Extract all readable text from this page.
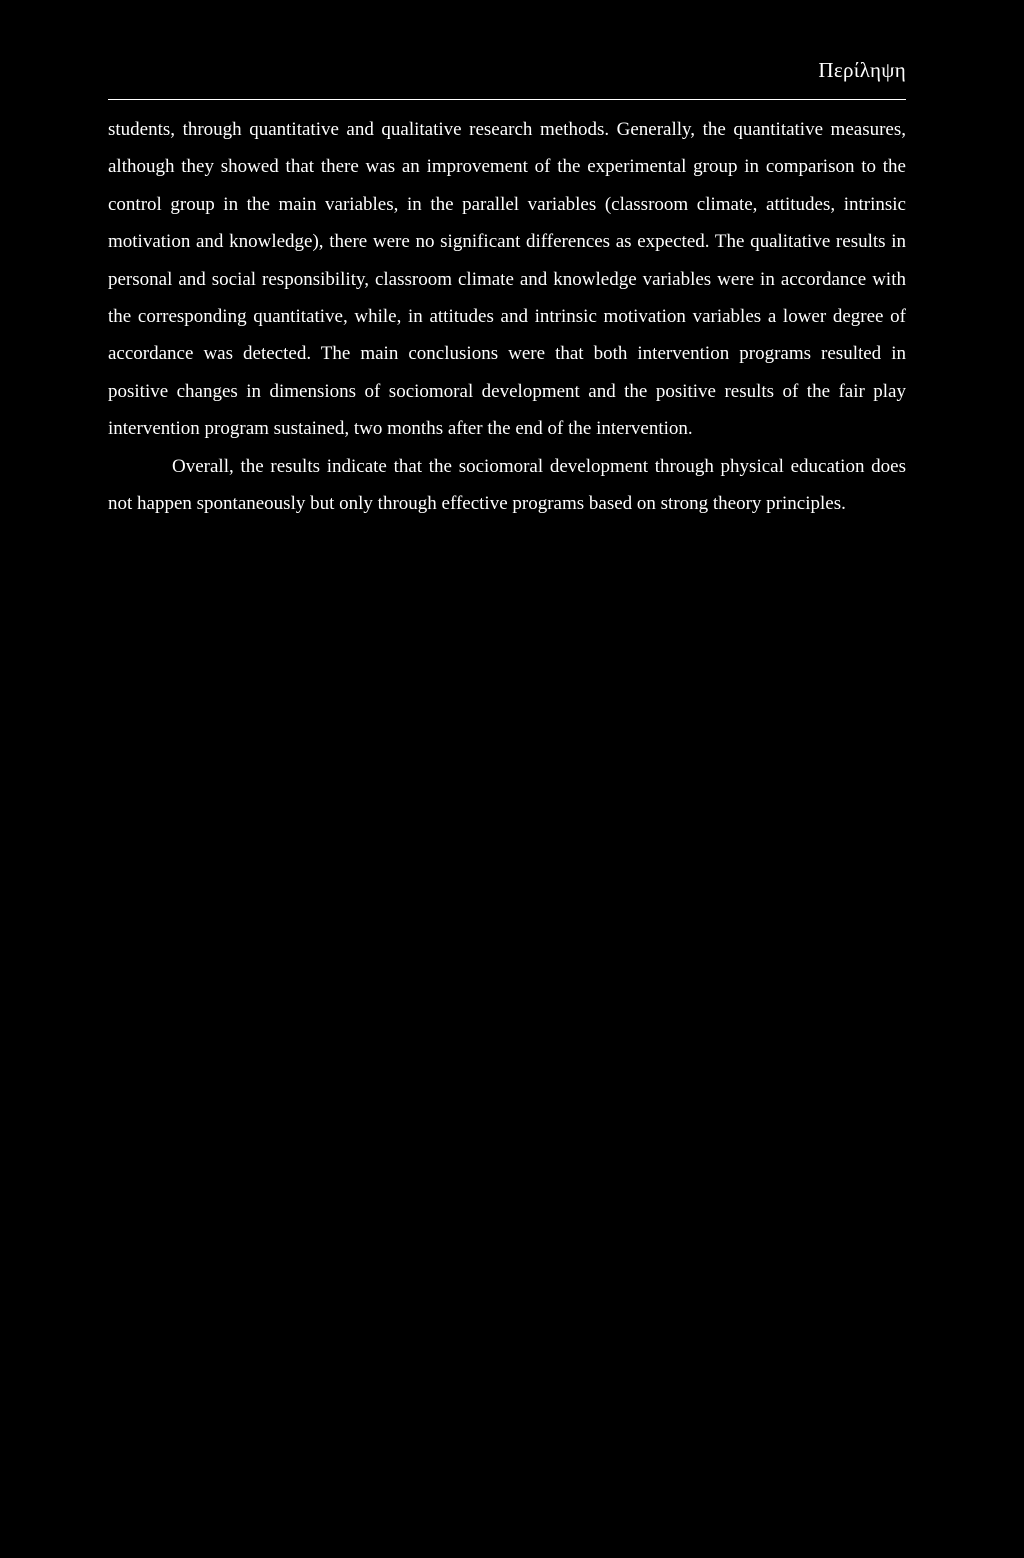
Περίληψη

students, through quantitative and qualitative research methods. Generally, the quantitative measures, although they showed that there was an improvement of the experimental group in comparison to the control group in the main variables, in the parallel variables (classroom climate, attitudes, intrinsic motivation and knowledge), there were no significant differences as expected. The qualitative results in personal and social responsibility, classroom climate and knowledge variables were in accordance with the corresponding quantitative, while, in attitudes and intrinsic motivation variables a lower degree of accordance was detected. The main conclusions were that both intervention programs resulted in positive changes in dimensions of sociomoral development and the positive results of the fair play intervention program sustained, two months after the end of the intervention.

Overall, the results indicate that the sociomoral development through physical education does not happen spontaneously but only through effective programs based on strong theory principles.
